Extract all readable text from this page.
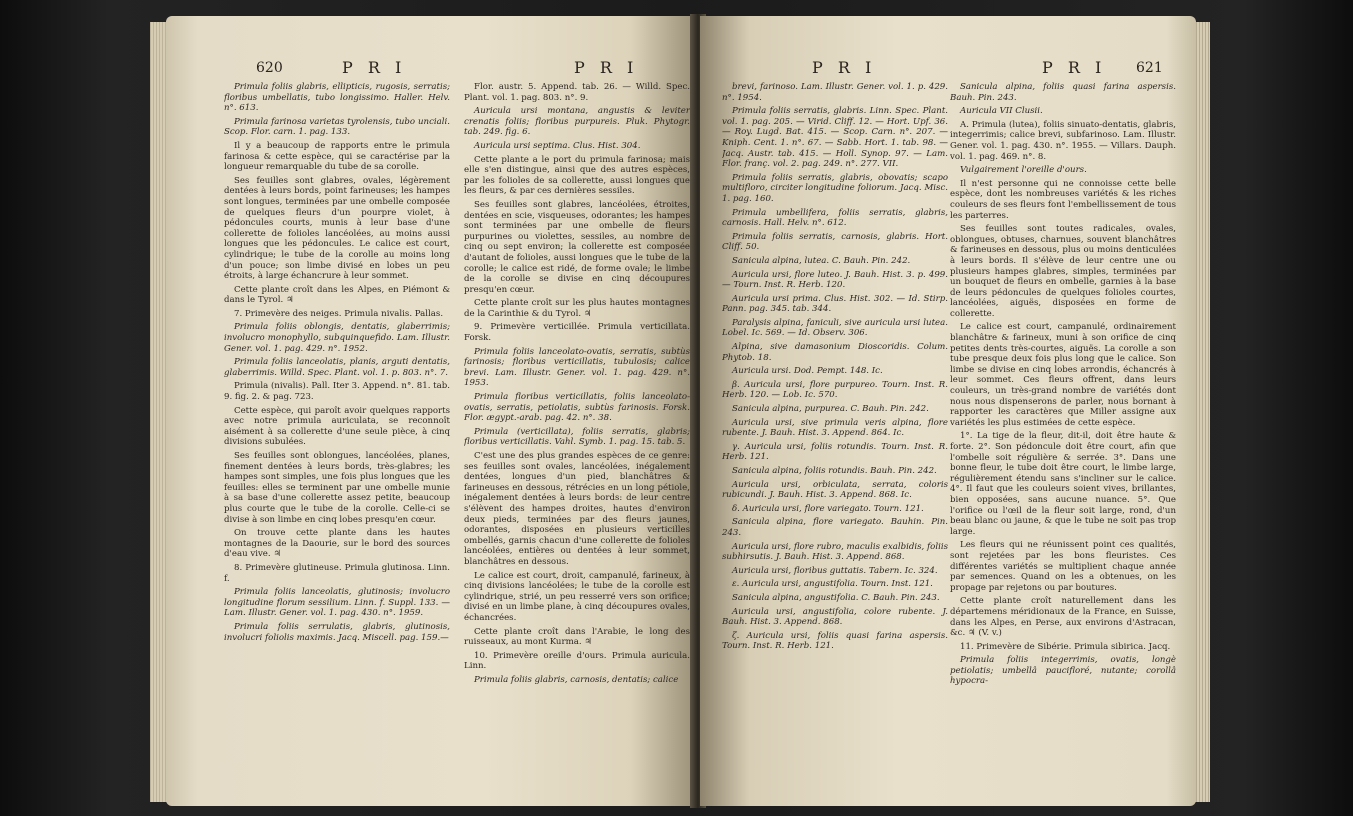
620	P R I	P R I

Primula foliis glabris, ellipticis, rugosis, serratis; floribus umbellatis, tubo longissimo. Haller. Helv. n°. 613.

Primula farinosa varietas tyrolensis, tubo unciali. Scop. Flor. carn. 1. pag. 133.

Il y a beaucoup de rapports entre le primula farinosa & cette espèce, qui se caractérise par la longueur remarquable du tube de sa corolle.

Ses feuilles sont glabres, ovales, légèrement dentées à leurs bords, point farineuses; les hampes sont longues, terminées par une ombelle composée de quelques fleurs d'un pourpre violet, à pédoncules courts, munis à leur base d'une collerette de folioles lancéolées, au moins aussi longues que les pédoncules. Le calice est court, cylindrique; le tube de la corolle au moins long d'un pouce; son limbe divisé en lobes un peu étroits, à large échancrure à leur sommet.

Cette plante croît dans les Alpes, en Piémont & dans le Tyrol. ♃

7. Primevère des neiges. Primula nivalis. Pallas.

Primula foliis oblongis, dentatis, glaberrimis; involucro monophyllo, subquinquefido. Lam. Illustr. Gener. vol. 1. pag. 429. n°. 1952.

Primula foliis lanceolatis, planis, arguti dentatis, glaberrimis. Willd. Spec. Plant. vol. 1. p. 803. n°. 7.

Primula (nivalis). Pall. Iter 3. Append. n°. 81. tab. 9. fig. 2. & pag. 723.

Cette espèce, qui paroît avoir quelques rapports avec notre primula auriculata, se reconnoît aisément à sa collerette d'une seule pièce, à cinq divisions subulées.

Ses feuilles sont oblongues, lancéolées, planes, finement dentées à leurs bords, très-glabres; les hampes sont simples, une fois plus longues que les feuilles: elles se terminent par une ombelle munie à sa base d'une collerette assez petite, beaucoup plus courte que le tube de la corolle. Celle-ci se divise à son limbe en cinq lobes presqu'en cœur.

On trouve cette plante dans les hautes montagnes de la Daourie, sur le bord des sources d'eau vive. ♃

8. Primevère glutineuse. Primula glutinosa. Linn. f.

Primula foliis lanceolatis, glutinosis; involucro longitudine florum sessilium. Linn. f. Suppl. 133. — Lam. Illustr. Gener. vol. 1. pag. 430. n°. 1959.

Primula foliis serrulatis, glabris, glutinosis, involucri foliolis maximis. Jacq. Miscell. pag. 159.—

Flor. austr. 5. Append. tab. 26. — Willd. Spec. Plant. vol. 1. pag. 803. n°. 9.

Auricula ursi montana, angustis & leviter crenatis foliis; floribus purpureis. Pluk. Phytogr. tab. 249. fig. 6.

Auricula ursi septima. Clus. Hist. 304.

Cette plante a le port du primula farinosa; mais elle s'en distingue, ainsi que des autres espèces, par les folioles de sa collerette, aussi longues que les fleurs, & par ces dernières sessiles.

Ses feuilles sont glabres, lancéolées, étroites, dentées en scie, visqueuses, odorantes; les hampes sont terminées par une ombelle de fleurs purpurines ou violettes, sessiles, au nombre de cinq ou sept environ; la collerette est composée d'autant de folioles, aussi longues que le tube de la corolle; le calice est ridé, de forme ovale; le limbe de la corolle se divise en cinq découpures presqu'en cœur.

Cette plante croît sur les plus hautes montagnes de la Carinthie & du Tyrol. ♃

9. Primevère verticillée. Primula verticillata. Forsk.

Primula foliis lanceolato-ovatis, serratis, subtùs farinosis; floribus verticillatis, tubulosis; calice brevi. Lam. Illustr. Gener. vol. 1. pag. 429. n°. 1953.

Primula floribus verticillatis, foliis lanceolato-ovatis, serratis, petiolatis, subtùs farinosis. Forsk. Flor. ægypt.-arab. pag. 42. n°. 38.

Primula (verticillata), foliis serratis, glabris; floribus verticillatis. Vahl. Symb. 1. pag. 15. tab. 5.

C'est une des plus grandes espèces de ce genre: ses feuilles sont ovales, lancéolées, inégalement dentées, longues d'un pied, blanchâtres & farineuses en dessous, rétrécies en un long pétiole, inégalement dentées à leurs bords: de leur centre s'élèvent des hampes droites, hautes d'environ deux pieds, terminées par des fleurs jaunes, odorantes, disposées en plusieurs verticilles ombellés, garnis chacun d'une collerette de folioles lancéolées, entières ou dentées à leur sommet, blanchâtres en dessous.

Le calice est court, droit, campanulé, farineux, à cinq divisions lancéolées; le tube de la corolle est cylindrique, strié, un peu resserré vers son orifice; divisé en un limbe plane, à cinq découpures ovales, échancrées.

Cette plante croît dans l'Arabie, le long des ruisseaux, au mont Kurma. ♃

10. Primevère oreille d'ours. Primula auricula. Linn.

Primula foliis glabris, carnosis, dentatis; calice

P R I	P R I 621

brevi, farinoso. Lam. Illustr. Gener. vol. 1. p. 429. n°. 1954.

Primula foliis serratis, glabris. Linn. Spec. Plant. vol. 1. pag. 205. — Virid. Cliff. 12. — Hort. Upf. 36. — Roy. Lugd. Bat. 415. — Scop. Carn. n°. 207. — Kniph. Cent. 1. n°. 67. — Sabb. Hort. 1. tab. 98. — Jacq. Austr. tab. 415. — Holl. Synop. 97. — Lam. Flor. franç. vol. 2. pag. 249. n°. 277. VII.

Primula foliis serratis, glabris, obovatis; scapo multifloro, circiter longitudine foliorum. Jacq. Misc. 1. pag. 160.

Primula umbellifera, foliis serratis, glabris, carnosis. Hall. Helv. n°. 612.

Primula foliis serratis, carnosis, glabris. Hort. Cliff. 50.

Sanicula alpina, lutea. C. Bauh. Pin. 242.

Auricula ursi, flore luteo. J. Bauh. Hist. 3. p. 499. — Tourn. Inst. R. Herb. 120.

Auricula ursi prima. Clus. Hist. 302. — Id. Stirp. Pann. pag. 345. tab. 344.

Paralysis alpina, faniculi, sive auricula ursi lutea. Lobel. Ic. 569. — Id. Observ. 306.

Alpina, sive damasonium Dioscoridis. Colum. Phytob. 18.

Auricula ursi. Dod. Pempt. 148. Ic.

β. Auricula ursi, flore purpureo. Tourn. Inst. R. Herb. 120. — Lob. Ic. 570.

Sanicula alpina, purpurea. C. Bauh. Pin. 242.

Auricula ursi, sive primula veris alpina, flore rubente. J. Bauh. Hist. 3. Append. 864. Ic.

γ. Auricula ursi, foliis rotundis. Tourn. Inst. R. Herb. 121.

Sanicula alpina, foliis rotundis. Bauh. Pin. 242.

Auricula ursi, orbiculata, serrata, coloris rubicundi. J. Bauh. Hist. 3. Append. 868. Ic.

δ. Auricula ursi, flore variegato. Tourn. 121.

Sanicula alpina, flore variegato. Bauhin. Pin. 243.

Auricula ursi, flore rubro, maculis exalbidis, foliis subhirsutis. J. Bauh. Hist. 3. Append. 868.

Auricula ursi, floribus guttatis. Tabern. Ic. 324.

ε. Auricula ursi, angustifolia. Tourn. Inst. 121.

Sanicula alpina, angustifolia. C. Bauh. Pin. 243.

Auricula ursi, angustifolia, colore rubente. J. Bauh. Hist. 3. Append. 868.

ζ. Auricula ursi, foliis quasi farina aspersis. Tourn. Inst. R. Herb. 121.

Sanicula alpina, foliis quasi farina aspersis. Bauh. Pin. 243.

Auricula VII Clusii.

A. Primula (lutea), foliis sinuato-dentatis, glabris, integerrimis; calice brevi, subfarinoso. Lam. Illustr. Gener. vol. 1. pag. 430. n°. 1955. — Villars. Dauph. vol. 1. pag. 469. n°. 8.

Vulgairement l'oreille d'ours.

Il n'est personne qui ne connoisse cette belle espèce, dont les nombreuses variétés & les riches couleurs de ses fleurs font l'embellissement de tous les parterres.

Ses feuilles sont toutes radicales, ovales, oblongues, obtuses, charnues, souvent blanchâtres & farineuses en dessous, plus ou moins denticulées à leurs bords. Il s'élève de leur centre une ou plusieurs hampes glabres, simples, terminées par un bouquet de fleurs en ombelle, garnies à la base de leurs pédoncules de quelques folioles courtes, lancéolées, aiguës, disposées en forme de collerette.

Le calice est court, campanulé, ordinairement blanchâtre & farineux, muni à son orifice de cinq petites dents très-courtes, aiguës. La corolle a son tube presque deux fois plus long que le calice. Son limbe se divise en cinq lobes arrondis, échancrés à leur sommet. Ces fleurs offrent, dans leurs couleurs, un très-grand nombre de variétés dont nous nous dispenserons de parler, nous bornant à rapporter les caractères que Miller assigne aux variétés les plus estimées de cette espèce.

1°. La tige de la fleur, dit-il, doit être haute & forte. 2°. Son pédoncule doit être court, afin que l'ombelle soit régulière & serrée. 3°. Dans une bonne fleur, le tube doit être court, le limbe large, régulièrement étendu sans s'incliner sur le calice. 4°. Il faut que les couleurs soient vives, brillantes, bien opposées, sans aucune nuance. 5°. Que l'orifice ou l'œil de la fleur soit large, rond, d'un beau blanc ou jaune, & que le tube ne soit pas trop large.

Les fleurs qui ne réunissent point ces qualités, sont rejetées par les bons fleuristes. Ces différentes variétés se multiplient chaque année par semences. Quand on les a obtenues, on les propage par rejetons ou par boutures.

Cette plante croît naturellement dans les départemens méridionaux de la France, en Suisse, dans les Alpes, en Perse, aux environs d'Astracan, &c. ♃ (V. v.)

11. Primevère de Sibérie. Primula sibirica. Jacq.

Primula foliis integerrimis, ovatis, longè petiolatis; umbellâ paucifloré, nutante; corollâ hypocra-
